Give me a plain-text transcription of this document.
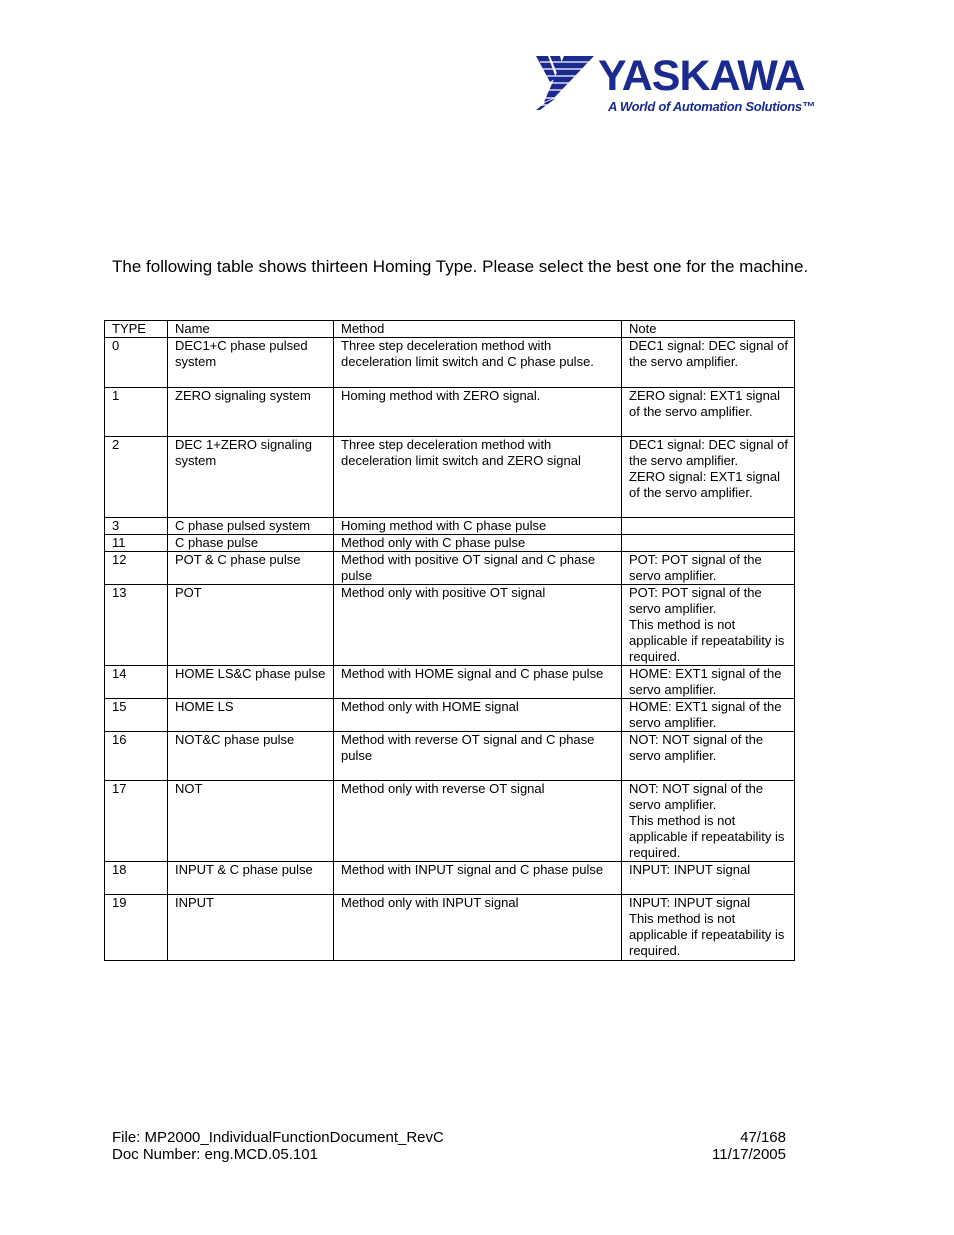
YASKAWA
A World of Automation Solutions™
The following table shows thirteen Homing Type. Please select the best one for the machine.
TYPE	Name	Method	Note
0	DEC1+C phase pulsed system	Three step deceleration method with deceleration limit switch and C phase pulse.	DEC1 signal: DEC signal of the servo amplifier.
1	ZERO signaling system	Homing method with ZERO signal.	ZERO signal: EXT1 signal of the servo amplifier.
2	DEC 1+ZERO signaling system	Three step deceleration method with deceleration limit switch and ZERO signal	DEC1 signal: DEC signal of the servo amplifier.
ZERO signal: EXT1 signal of the servo amplifier.
3	C phase pulsed system	Homing method with C phase pulse	
11	C phase pulse	Method only with C phase pulse	
12	POT & C phase pulse	Method with positive OT signal and C phase pulse	POT: POT signal of the servo amplifier.
13	POT	Method only with positive OT signal	POT: POT signal of the servo amplifier.
This method is not applicable if repeatability is required.
14	HOME LS&C phase pulse	Method with HOME signal and C phase pulse	HOME: EXT1 signal of the servo amplifier.
15	HOME LS	Method only with HOME signal	HOME: EXT1 signal of the servo amplifier.
16	NOT&C phase pulse	Method with reverse OT signal and C phase pulse	NOT: NOT signal of the servo amplifier.
17	NOT	Method only with reverse OT signal	NOT: NOT signal of the servo amplifier.
This method is not applicable if repeatability is required.
18	INPUT & C phase pulse	Method with INPUT signal and C phase pulse	INPUT: INPUT signal
19	INPUT	Method only with INPUT signal	INPUT: INPUT signal
This method is not applicable if repeatability is required.
File: MP2000_IndividualFunctionDocument_RevC	47/168
Doc Number: eng.MCD.05.101	11/17/2005
